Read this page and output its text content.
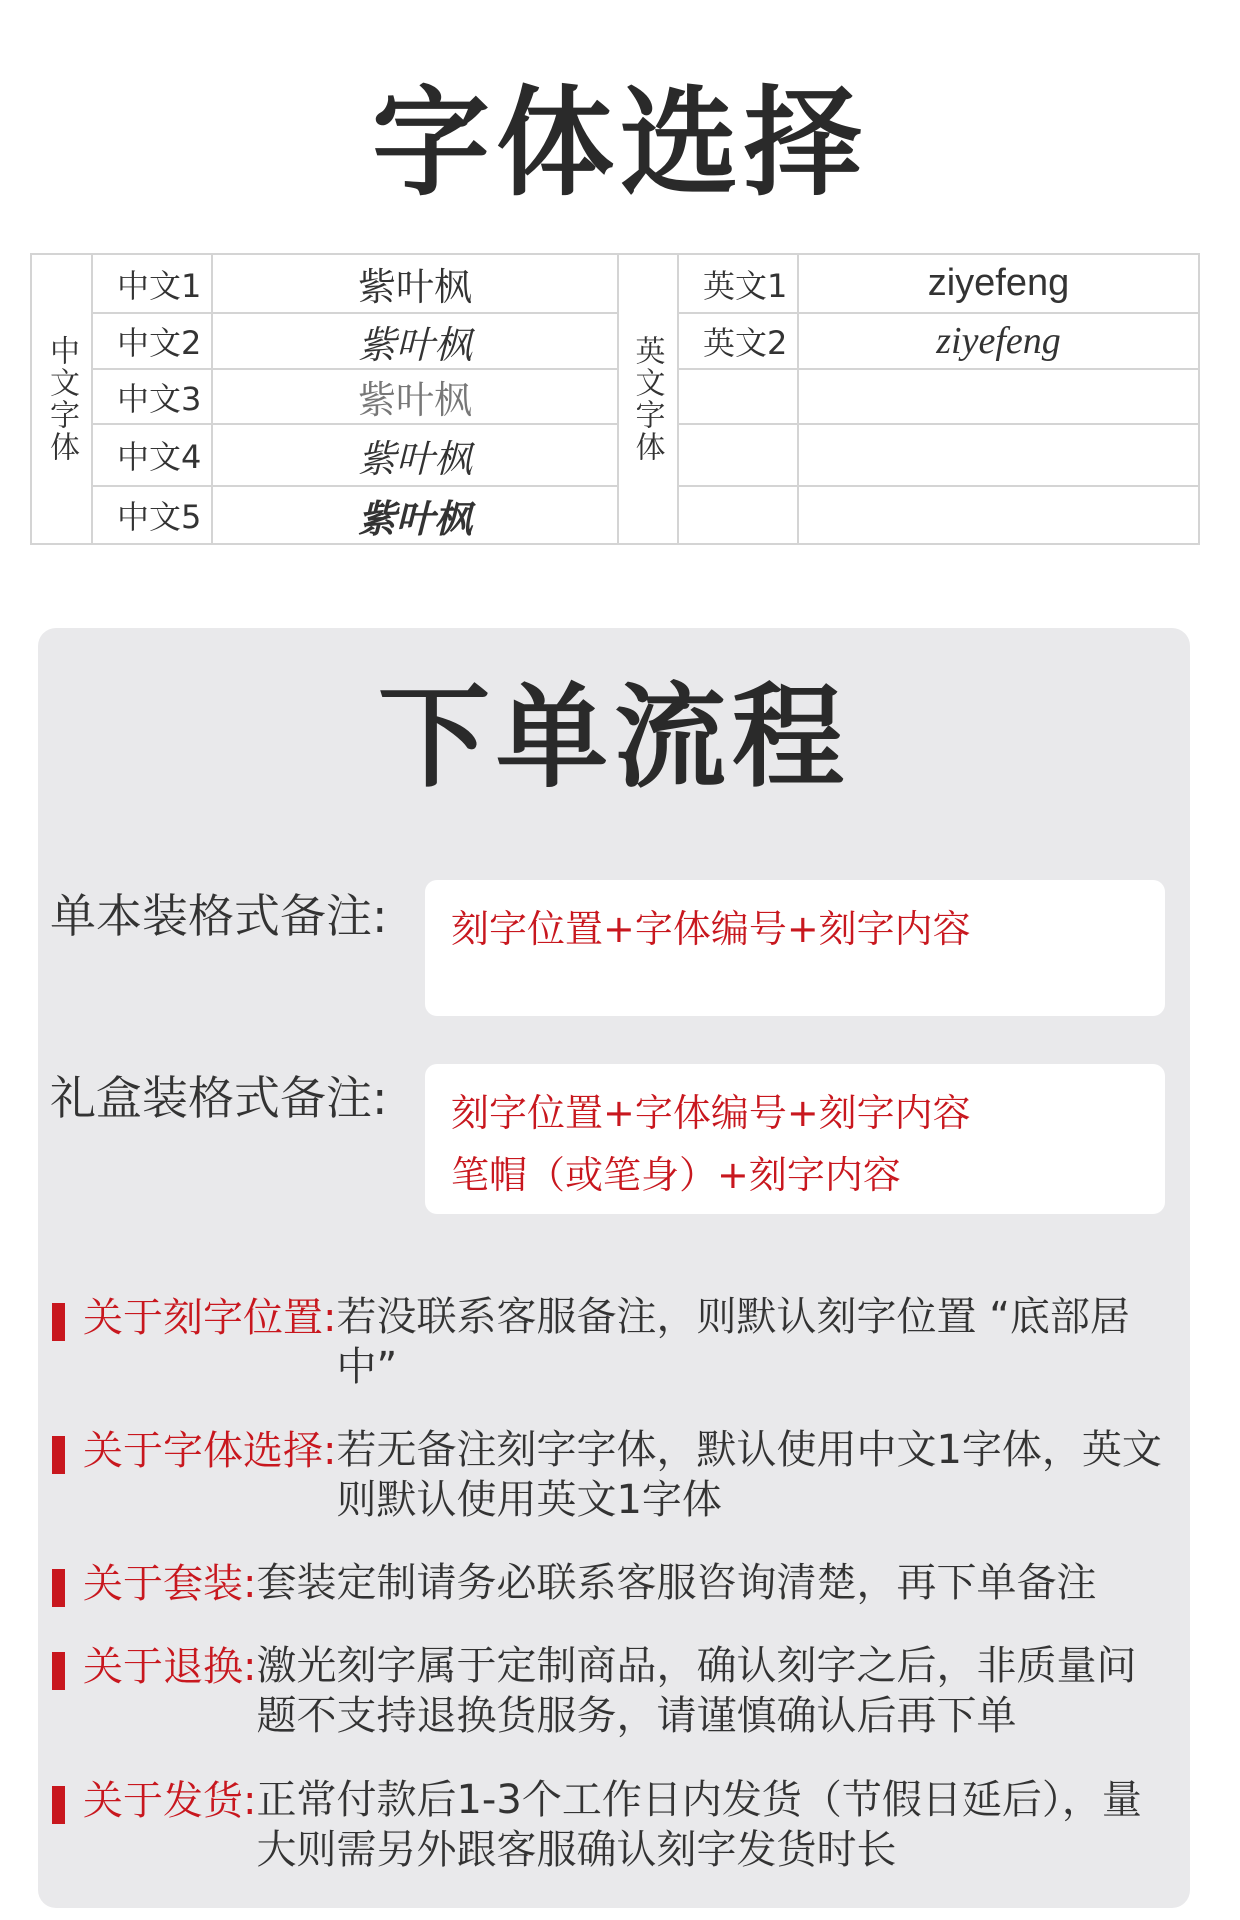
字体选择
中文字体	英文字体
中文1	紫叶枫
中文2	紫叶枫
中文3	紫叶枫
中文4	紫叶枫
中文5	紫叶枫
英文1	ziyefeng
英文2	ziyefeng
下单流程
单本装格式备注: 刻字位置+字体编号+刻字内容
礼盒装格式备注: 刻字位置+字体编号+刻字内容
笔帽（或笔身）+刻字内容
关于刻字位置: 若没联系客服备注，则默认刻字位置 “底部居中”
关于字体选择: 若无备注刻字字体，默认使用中文1字体，英文则默认使用英文1字体
关于套装: 套装定制请务必联系客服咨询清楚，再下单备注
关于退换: 激光刻字属于定制商品，确认刻字之后，非质量问题不支持退换货服务，请谨慎确认后再下单
关于发货: 正常付款后1-3个工作日内发货（节假日延后），量大则需另外跟客服确认刻字发货时长
